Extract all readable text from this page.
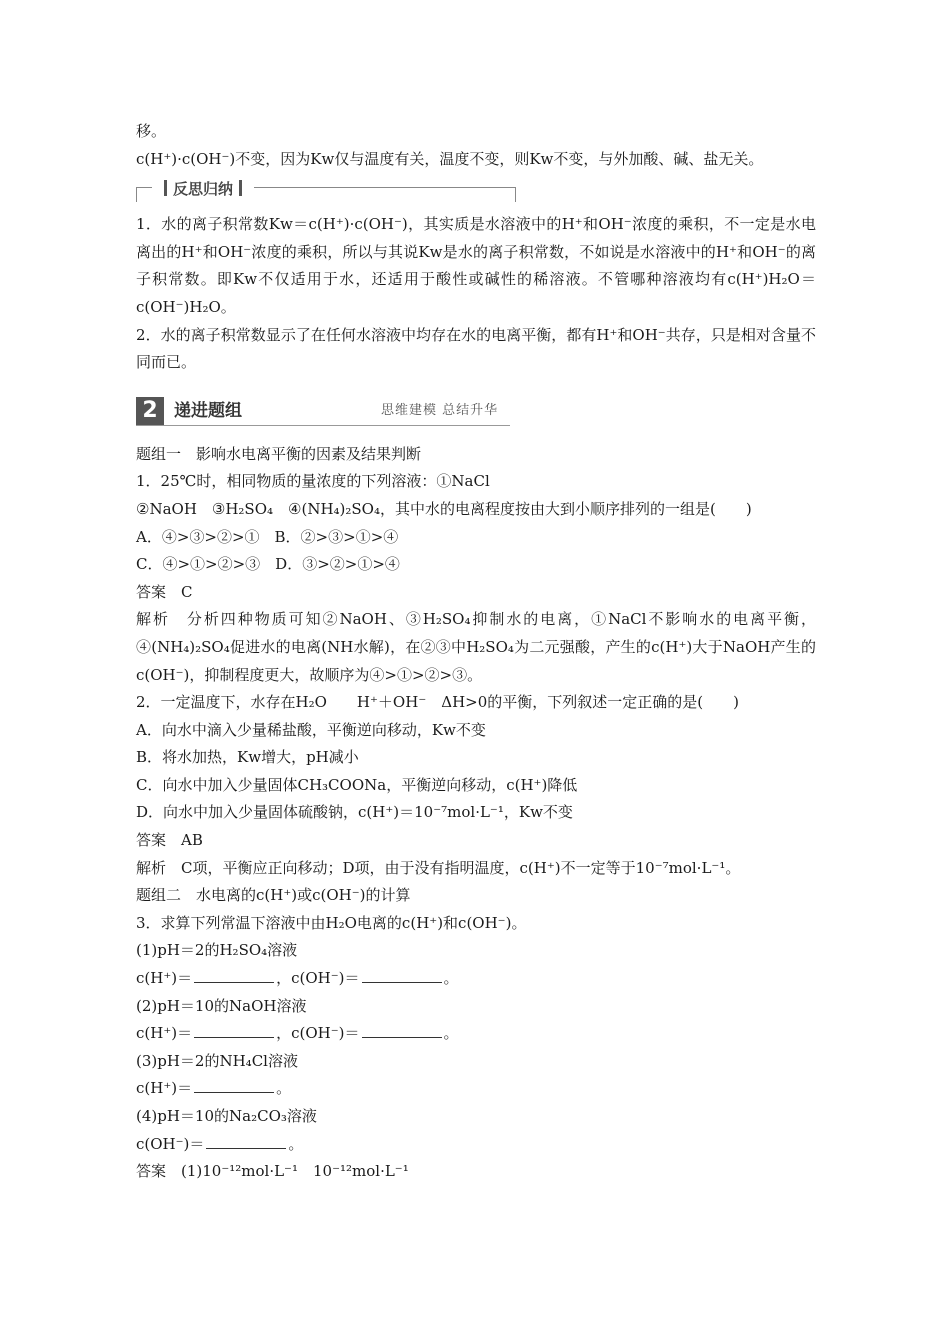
移。
c(H⁺)·c(OH⁻)不变，因为Kw仅与温度有关，温度不变，则Kw不变，与外加酸、碱、盐无关。
反思归纳
1．水的离子积常数Kw＝c(H⁺)·c(OH⁻)，其实质是水溶液中的H⁺和OH⁻浓度的乘积，不一定是水电离出的H⁺和OH⁻浓度的乘积，所以与其说Kw是水的离子积常数，不如说是水溶液中的H⁺和OH⁻的离子积常数。即Kw不仅适用于水，还适用于酸性或碱性的稀溶液。不管哪种溶液均有c(H⁺)H₂O＝c(OH⁻)H₂O。
2．水的离子积常数显示了在任何水溶液中均存在水的电离平衡，都有H⁺和OH⁻共存，只是相对含量不同而已。
2 递进题组	思维建模 总结升华
题组一　影响水电离平衡的因素及结果判断
1．25℃时，相同物质的量浓度的下列溶液：①NaCl
②NaOH　③H₂SO₄　④(NH₄)₂SO₄，其中水的电离程度按由大到小顺序排列的一组是(　　)
A．④>③>②>①　B．②>③>①>④
C．④>①>②>③　D．③>②>①>④
答案　C
解析　分析四种物质可知②NaOH、③H₂SO₄抑制水的电离，①NaCl不影响水的电离平衡，④(NH₄)₂SO₄促进水的电离(NH水解)，在②③中H₂SO₄为二元强酸，产生的c(H⁺)大于NaOH产生的c(OH⁻)，抑制程度更大，故顺序为④>①>②>③。
2．一定温度下，水存在H₂O　　H⁺＋OH⁻　ΔH>0的平衡，下列叙述一定正确的是(　　)
A．向水中滴入少量稀盐酸，平衡逆向移动，Kw不变
B．将水加热，Kw增大，pH减小
C．向水中加入少量固体CH₃COONa，平衡逆向移动，c(H⁺)降低
D．向水中加入少量固体硫酸钠，c(H⁺)＝10⁻⁷mol·L⁻¹，Kw不变
答案　AB
解析　C项，平衡应正向移动；D项，由于没有指明温度，c(H⁺)不一定等于10⁻⁷mol·L⁻¹。
题组二　水电离的c(H⁺)或c(OH⁻)的计算
3．求算下列常温下溶液中由H₂O电离的c(H⁺)和c(OH⁻)。
(1)pH＝2的H₂SO₄溶液
c(H⁺)＝	，c(OH⁻)＝	。
(2)pH＝10的NaOH溶液
c(H⁺)＝	，c(OH⁻)＝	。
(3)pH＝2的NH₄Cl溶液
c(H⁺)＝	。
(4)pH＝10的Na₂CO₃溶液
c(OH⁻)＝	。
答案　(1)10⁻¹²mol·L⁻¹　10⁻¹²mol·L⁻¹
